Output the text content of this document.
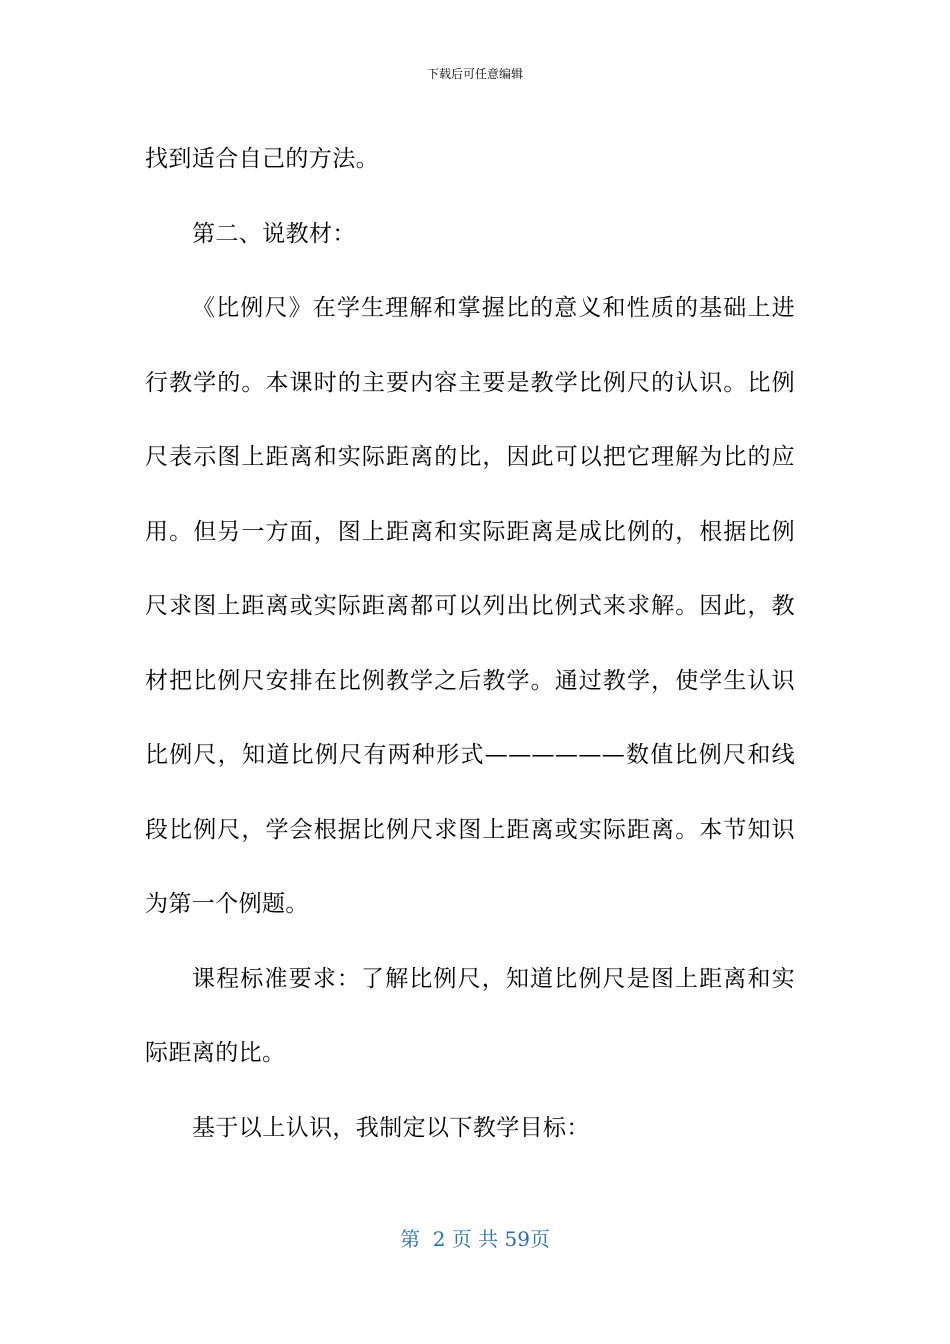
下载后可任意编辑

找到适合自己的方法。

第二、说教材：

《比例尺》在学生理解和掌握比的意义和性质的基础上进行教学的。本课时的主要内容主要是教学比例尺的认识。比例尺表示图上距离和实际距离的比，因此可以把它理解为比的应用。但另一方面，图上距离和实际距离是成比例的，根据比例尺求图上距离或实际距离都可以列出比例式来求解。因此，教材把比例尺安排在比例教学之后教学。通过教学，使学生认识比例尺，知道比例尺有两种形式——————数值比例尺和线段比例尺，学会根据比例尺求图上距离或实际距离。本节知识为第一个例题。

课程标准要求：了解比例尺，知道比例尺是图上距离和实际距离的比。

基于以上认识，我制定以下教学目标：

第  2 页 共 59页
